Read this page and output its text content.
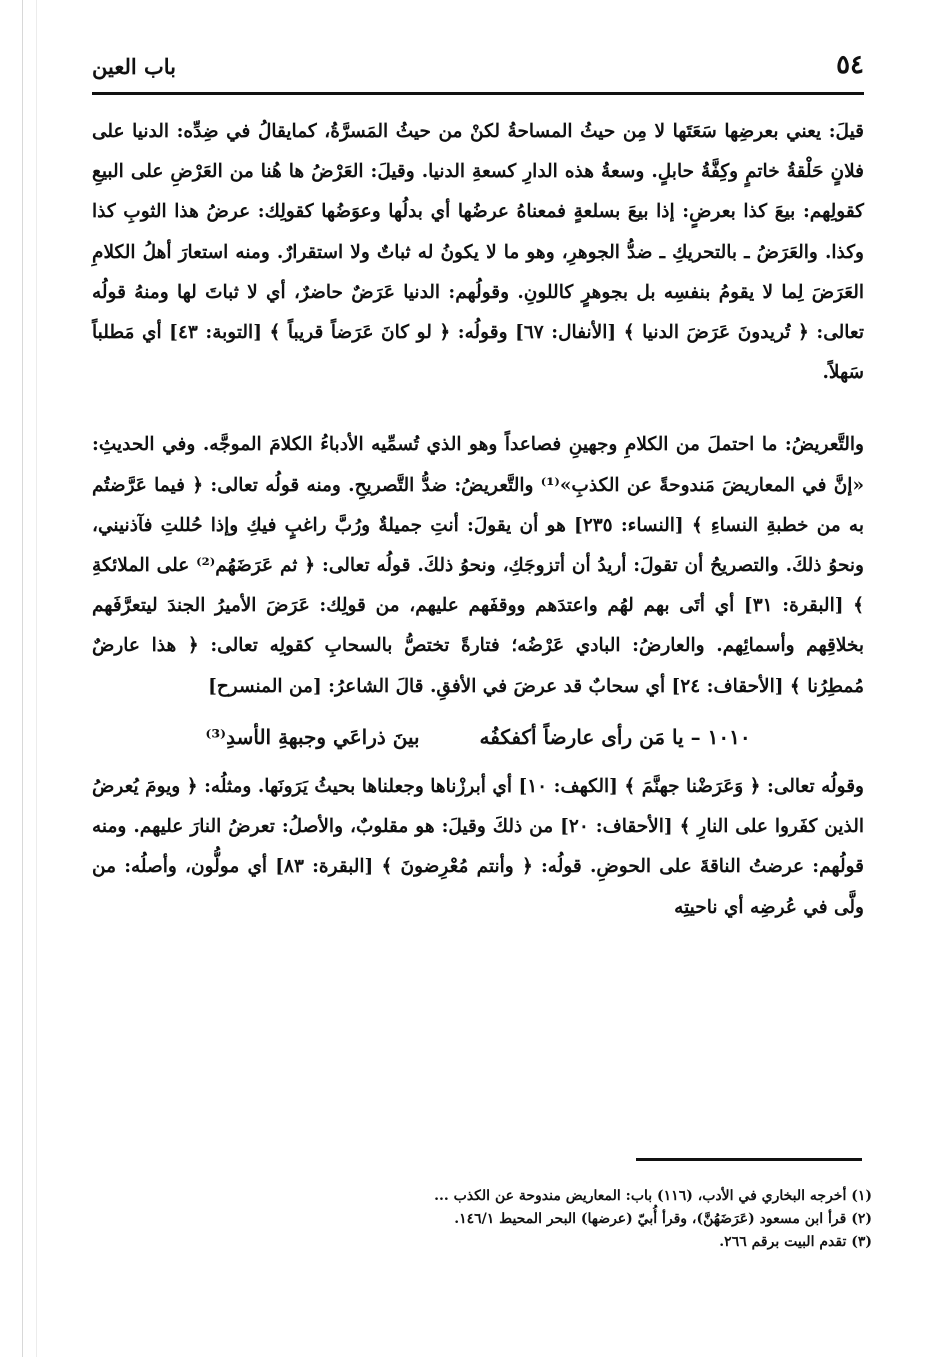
٥٤
باب العين

قيلَ: يعني بعرضِها سَعَتَها لا مِن حيثُ المساحةُ لكنْ من حيثُ المَسرَّةُ، كمايقالُ في ضِدِّه: الدنيا على فلانٍ حَلْقةُ خاتمٍ وكِفَّةُ حابلٍ. وسعةُ هذه الدارِ كسعةِ الدنيا. وقيلَ: العَرْضُ ها هُنا من العَرْضِ على البيعِ كقولِهم: بيعَ كذا بعرضٍ: إذا بيعَ بسلعةٍ فمعناهُ عرضُها أي بدلُها وعوَضُها كقولِك: عرضُ هذا الثوبِ كذا وكذا. والعَرَضُ ـ بالتحريكِ ـ ضدُّ الجوهرِ، وهو ما لا يكونُ له ثباتٌ ولا استقرارٌ. ومنه استعارَ أهلُ الكلامِ العَرَضَ لِما لا يقومُ بنفسِه بل بجوهرٍ كاللونِ. وقولُهم: الدنيا عَرَضٌ حاضرٌ، أي لا ثباتَ لها ومنهُ قولُه تعالى: ﴿ تُريدونَ عَرَضَ الدنيا ﴾ [الأنفال: ٦٧] وقولُه: ﴿ لو كانَ عَرَضاً قريباً ﴾ [التوبة: ٤٣] أي مَطلباً سَهلاً.

والتَّعريضُ: ما احتملَ من الكلامِ وجهينِ فصاعداً وهو الذي تُسمِّيه الأدباءُ الكلامَ الموجَّه. وفي الحديثِ: «إنَّ في المعاريضَ مَندوحةً عن الكذبِ»⁽¹⁾ والتَّعريضُ: ضدُّ التَّصريحِ. ومنه قولُه تعالى: ﴿ فيما عَرَّضتُم به من خطبةِ النساءِ ﴾ [النساء: ٢٣٥] هو أن يقولَ: أنتِ جميلةٌ ورُبَّ راغبٍ فيكِ وإذا حُللتِ فآذنيني، ونحوُ ذلكَ. والتصريحُ أن تقولَ: أريدُ أن أتزوجَكِ، ونحوُ ذلكَ. قولُه تعالى: ﴿ ثم عَرَضَهُم⁽²⁾ على الملائكةِ ﴾ [البقرة: ٣١] أي أتَى بهم لهُم واعتدَهم ووقفَهم عليهم، من قولِك: عَرَضَ الأميرُ الجندَ ليتعرَّفَهم بخلاقِهم وأسمائِهم. والعارضُ: البادي عَرْضُه؛ فتارةً تختصُّ بالسحابِ كقولِه تعالى: ﴿ هذا عارضٌ مُمطِرُنا ﴾ [الأحقاف: ٢٤] أي سحابٌ قد عرضَ في الأفقِ. قالَ الشاعرُ: [من المنسرح]

١٠١٠ – يا مَن رأى عارضاً أكفكفُه  بينَ ذراعَي وجبهةِ الأسدِ⁽³⁾

وقولُه تعالى: ﴿ وَعَرَضْنا جهنَّمَ ﴾ [الكهف: ١٠] أي أبرزْناها وجعلناها بحيثُ يَرَونَها. ومثلُه: ﴿ ويومَ يُعرضُ الذين كفَروا على النارِ ﴾ [الأحقاف: ٢٠] من ذلكَ وقيلَ: هو مقلوبٌ، والأصلُ: تعرضُ النارَ عليهم. ومنه قولُهم: عرضتُ الناقةَ على الحوضِ. قولُه: ﴿ وأنتم مُعْرِضونَ ﴾ [البقرة: ٨٣] أي مولُّون، وأصلُه: من ولَّى في عُرضِه أي ناحيتِه

(١) أخرجه البخاري في الأدب، (١١٦) باب: المعاريض مندوحة عن الكذب ...
(٢) قرأ ابن مسعود (عَرَضَهُنَّ)، وقرأ أُبيّ (عرضها) البحر المحيط ١٤٦/١.
(٣) تقدم البيت برقم ٢٦٦.
